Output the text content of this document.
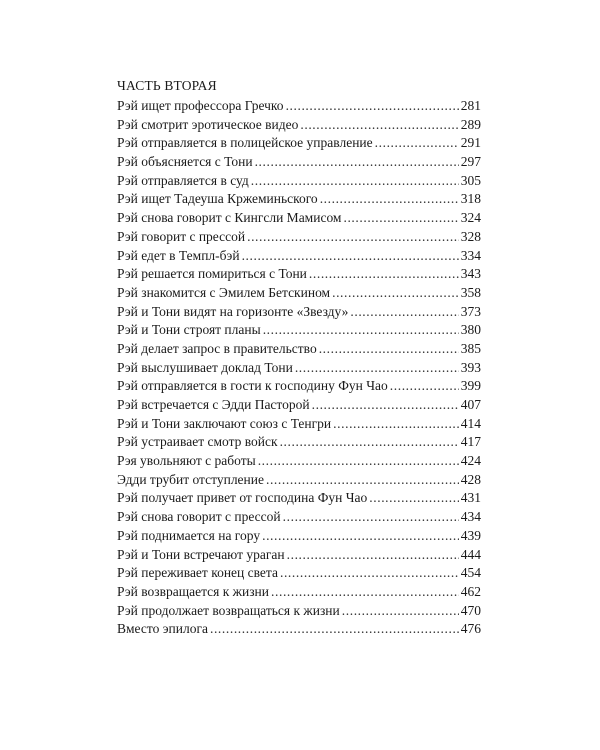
ЧАСТЬ ВТОРАЯ
Рэй ищет профессора Гречко .....	281
Рэй смотрит эротическое видео .....	289
Рэй отправляется в полицейское управление .....	291
Рэй объясняется с Тони .....	297
Рэй отправляется в суд .....	305
Рэй ищет Тадеуша Кржеминьского .....	318
Рэй снова говорит с Кингсли Мамисом .....	324
Рэй говорит с прессой .....	328
Рэй едет в Темпл-бэй .....	334
Рэй решается помириться с Тони .....	343
Рэй знакомится с Эмилем Бетскином .....	358
Рэй и Тони видят на горизонте «Звезду» .....	373
Рэй и Тони строят планы .....	380
Рэй делает запрос в правительство .....	385
Рэй выслушивает доклад Тони .....	393
Рэй отправляется в гости к господину Фун Чао .....	399
Рэй встречается с Эдди Пасторой .....	407
Рэй и Тони заключают союз с Тенгри .....	414
Рэй устраивает смотр войск .....	417
Рэя увольняют с работы .....	424
Эдди трубит отступление .....	428
Рэй получает привет от господина Фун Чао .....	431
Рэй снова говорит с прессой .....	434
Рэй поднимается на гору .....	439
Рэй и Тони встречают ураган .....	444
Рэй переживает конец света .....	454
Рэй возвращается к жизни .....	462
Рэй продолжает возвращаться к жизни .....	470
Вместо эпилога .....	476
